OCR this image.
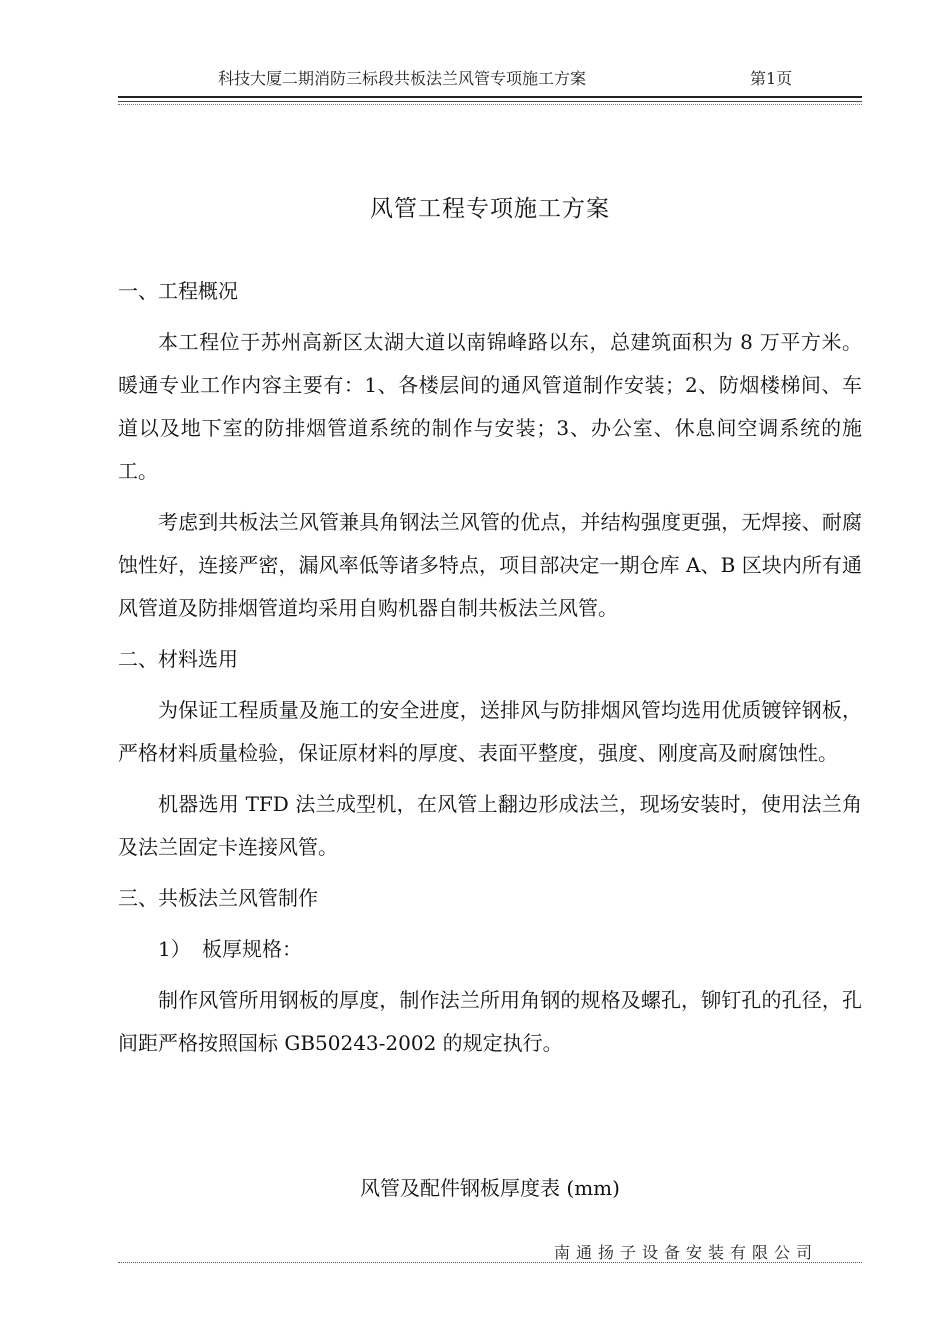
科技大厦二期消防三标段共板法兰风管专项施工方案	第1页
风管工程专项施工方案

一、工程概况

本工程位于苏州高新区太湖大道以南锦峰路以东，总建筑面积为 8 万平方米。暖通专业工作内容主要有：1、各楼层间的通风管道制作安装；2、防烟楼梯间、车道以及地下室的防排烟管道系统的制作与安装；3、办公室、休息间空调系统的施工。

考虑到共板法兰风管兼具角钢法兰风管的优点，并结构强度更强，无焊接、耐腐蚀性好，连接严密，漏风率低等诸多特点，项目部决定一期仓库 A、B 区块内所有通风管道及防排烟管道均采用自购机器自制共板法兰风管。

二、材料选用

为保证工程质量及施工的安全进度，送排风与防排烟风管均选用优质镀锌钢板，严格材料质量检验，保证原材料的厚度、表面平整度，强度、刚度高及耐腐蚀性。

机器选用 TFD 法兰成型机，在风管上翻边形成法兰，现场安装时，使用法兰角及法兰固定卡连接风管。

三、共板法兰风管制作

1） 板厚规格：

制作风管所用钢板的厚度，制作法兰所用角钢的规格及螺孔，铆钉孔的孔径，孔间距严格按照国标 GB50243-2002 的规定执行。

风管及配件钢板厚度表 (mm)
南通扬子设备安装有限公司
